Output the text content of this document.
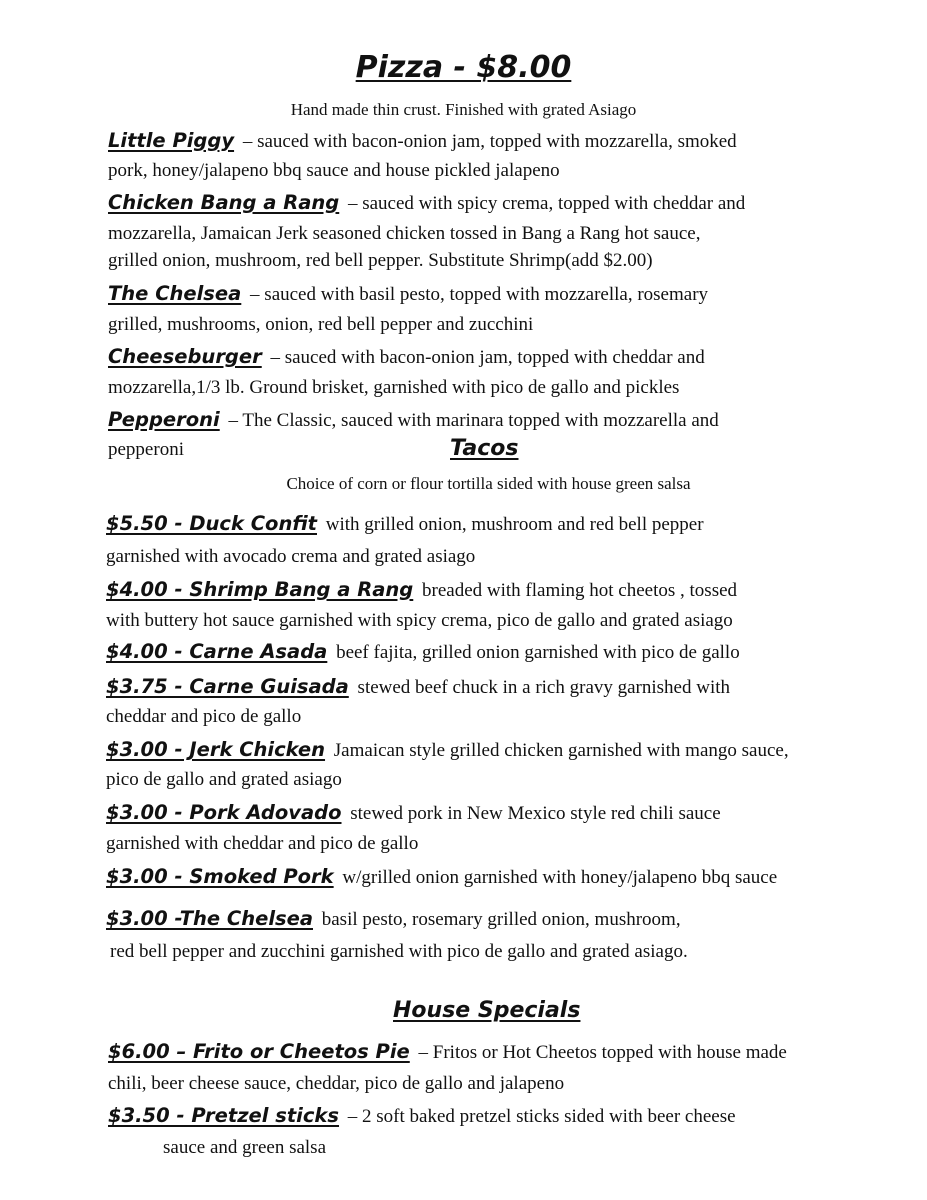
Pizza - $8.00
Hand made thin crust. Finished with grated Asiago
Little Piggy – sauced with bacon-onion jam, topped with mozzarella, smoked
pork, honey/jalapeno bbq sauce and house pickled jalapeno
Chicken Bang a Rang – sauced with spicy crema, topped with cheddar and
mozzarella, Jamaican Jerk seasoned chicken tossed in Bang a Rang hot sauce,
grilled onion, mushroom, red bell pepper. Substitute Shrimp(add $2.00)
The Chelsea – sauced with basil pesto, topped with mozzarella, rosemary
grilled, mushrooms, onion, red bell pepper and zucchini
Cheeseburger – sauced with bacon-onion jam, topped with cheddar and
mozzarella,1/3 lb. Ground brisket, garnished with pico de gallo and pickles
Pepperoni – The Classic, sauced with marinara topped with mozzarella and
pepperoni	Tacos
Choice of corn or flour tortilla sided with house green salsa
$5.50 - Duck Confit with grilled onion, mushroom and red bell pepper
garnished with avocado crema and grated asiago
$4.00 - Shrimp Bang a Rang breaded with flaming hot cheetos , tossed
with buttery hot sauce garnished with spicy crema, pico de gallo and grated asiago
$4.00 - Carne Asada beef fajita, grilled onion garnished with pico de gallo
$3.75 - Carne Guisada stewed beef chuck in a rich gravy garnished with
cheddar and pico de gallo
$3.00 - Jerk Chicken Jamaican style grilled chicken garnished with mango sauce,
pico de gallo and grated asiago
$3.00 - Pork Adovado stewed pork in New Mexico style red chili sauce
garnished with cheddar and pico de gallo
$3.00 - Smoked Pork w/grilled onion garnished with honey/jalapeno bbq sauce
$3.00 -The Chelsea basil pesto, rosemary grilled onion, mushroom,
red bell pepper and zucchini garnished with pico de gallo and grated asiago.
House Specials
$6.00 – Frito or Cheetos Pie – Fritos or Hot Cheetos topped with house made
chili, beer cheese sauce, cheddar, pico de gallo and jalapeno
$3.50 - Pretzel sticks – 2 soft baked pretzel sticks sided with beer cheese
sauce and green salsa
